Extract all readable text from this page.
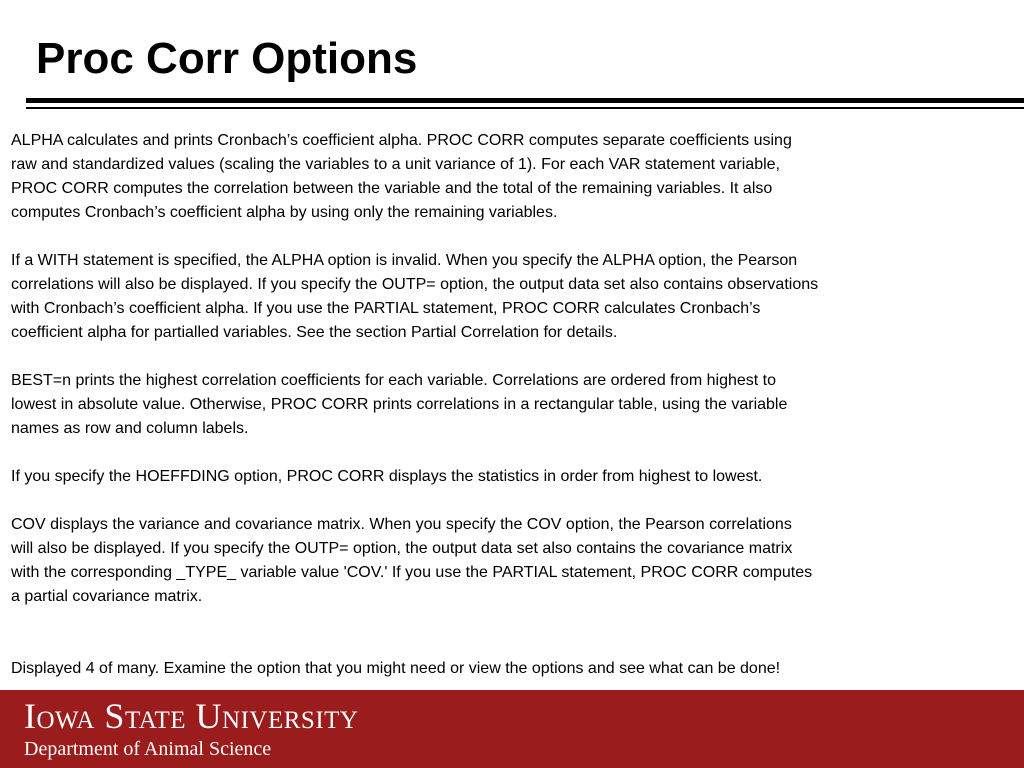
Proc Corr Options

ALPHA calculates and prints Cronbach’s coefficient alpha. PROC CORR computes separate coefficients using
raw and standardized values (scaling the variables to a unit variance of 1). For each VAR statement variable,
PROC CORR computes the correlation between the variable and the total of the remaining variables. It also
computes Cronbach’s coefficient alpha by using only the remaining variables.

If a WITH statement is specified, the ALPHA option is invalid. When you specify the ALPHA option, the Pearson
correlations will also be displayed. If you specify the OUTP= option, the output data set also contains observations
with Cronbach’s coefficient alpha. If you use the PARTIAL statement, PROC CORR calculates Cronbach’s
coefficient alpha for partialled variables. See the section Partial Correlation for details.

BEST=n prints the highest correlation coefficients for each variable. Correlations are ordered from highest to
lowest in absolute value. Otherwise, PROC CORR prints correlations in a rectangular table, using the variable
names as row and column labels.

If you specify the HOEFFDING option, PROC CORR displays the statistics in order from highest to lowest.

COV displays the variance and covariance matrix. When you specify the COV option, the Pearson correlations
will also be displayed. If you specify the OUTP= option, the output data set also contains the covariance matrix
with the corresponding _TYPE_ variable value 'COV.' If you use the PARTIAL statement, PROC CORR computes
a partial covariance matrix.

Displayed 4 of many. Examine the option that you might need or view the options and see what can be done!

Iowa State University
Department of Animal Science
